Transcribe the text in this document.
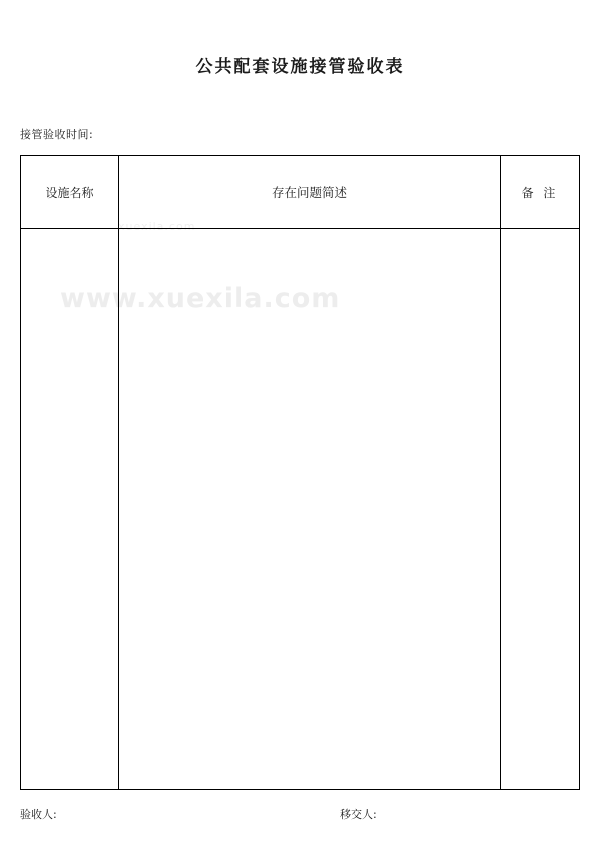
公共配套设施接管验收表
接管验收时间:
xuexila.com
www.xuexila.com
设施名称	存在问题简述	备 注
验收人:	移交人:
